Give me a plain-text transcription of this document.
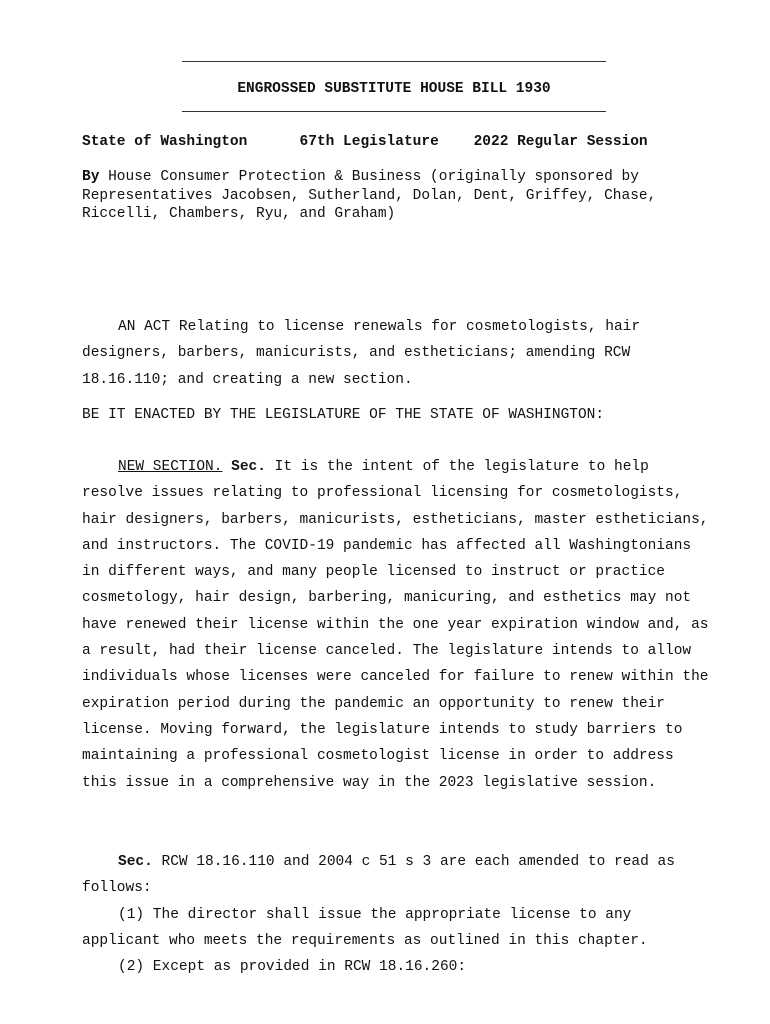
ENGROSSED SUBSTITUTE HOUSE BILL 1930
State of Washington	67th Legislature 2022 Regular Session
By House Consumer Protection & Business (originally sponsored by Representatives Jacobsen, Sutherland, Dolan, Dent, Griffey, Chase, Riccelli, Chambers, Ryu, and Graham)

AN ACT Relating to license renewals for cosmetologists, hair designers, barbers, manicurists, and estheticians; amending RCW 18.16.110; and creating a new section.

BE IT ENACTED BY THE LEGISLATURE OF THE STATE OF WASHINGTON:

NEW SECTION. Sec. It is the intent of the legislature to help resolve issues relating to professional licensing for cosmetologists, hair designers, barbers, manicurists, estheticians, master estheticians, and instructors. The COVID-19 pandemic has affected all Washingtonians in different ways, and many people licensed to instruct or practice cosmetology, hair design, barbering, manicuring, and esthetics may not have renewed their license within the one year expiration window and, as a result, had their license canceled. The legislature intends to allow individuals whose licenses were canceled for failure to renew within the expiration period during the pandemic an opportunity to renew their license. Moving forward, the legislature intends to study barriers to maintaining a professional cosmetologist license in order to address this issue in a comprehensive way in the 2023 legislative session.

Sec. RCW 18.16.110 and 2004 c 51 s 3 are each amended to read as follows:

(1) The director shall issue the appropriate license to any applicant who meets the requirements as outlined in this chapter.

(2) Except as provided in RCW 18.16.260:
